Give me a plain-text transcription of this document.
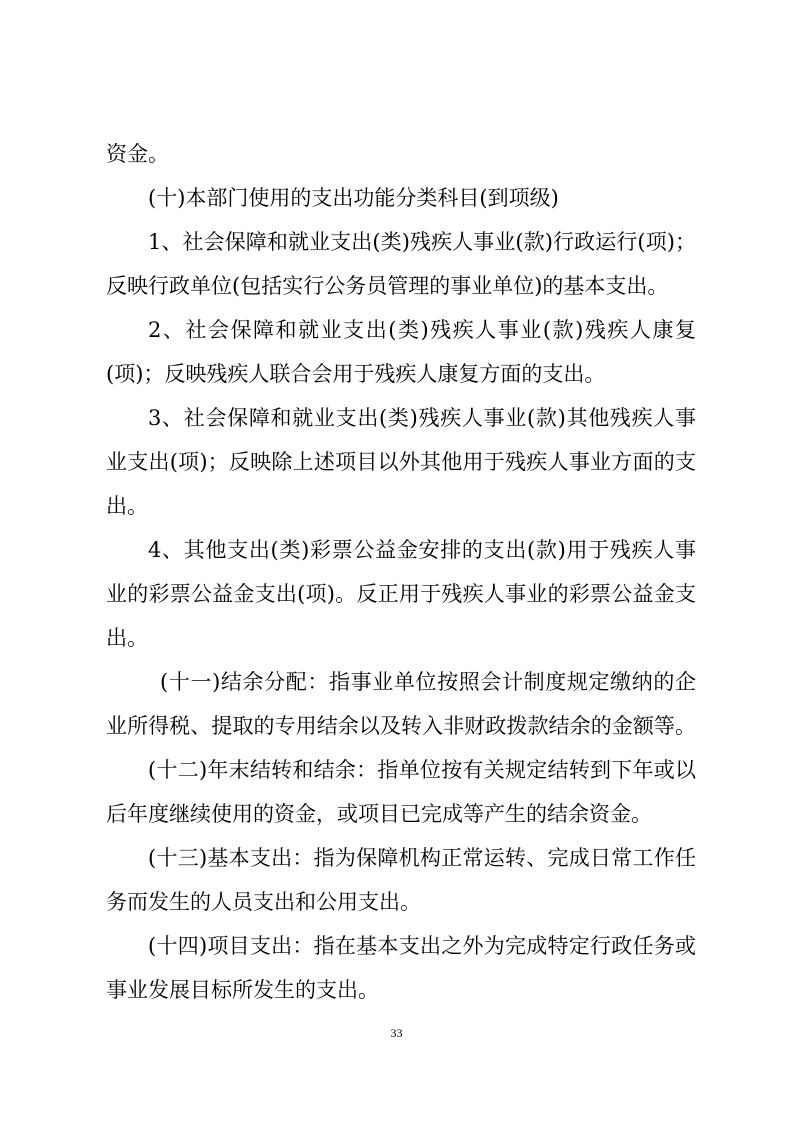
资金。
(十)本部门使用的支出功能分类科目(到项级)
1、社会保障和就业支出(类)残疾人事业(款)行政运行(项)；
反映行政单位(包括实行公务员管理的事业单位)的基本支出。
2、社会保障和就业支出(类)残疾人事业(款)残疾人康复
(项)；反映残疾人联合会用于残疾人康复方面的支出。
3、社会保障和就业支出(类)残疾人事业(款)其他残疾人事
业支出(项)；反映除上述项目以外其他用于残疾人事业方面的支
出。
4、其他支出(类)彩票公益金安排的支出(款)用于残疾人事
业的彩票公益金支出(项)。反正用于残疾人事业的彩票公益金支
出。
(十一)结余分配：指事业单位按照会计制度规定缴纳的企
业所得税、提取的专用结余以及转入非财政拨款结余的金额等。
(十二)年末结转和结余：指单位按有关规定结转到下年或以
后年度继续使用的资金，或项目已完成等产生的结余资金。
(十三)基本支出：指为保障机构正常运转、完成日常工作任
务而发生的人员支出和公用支出。
(十四)项目支出：指在基本支出之外为完成特定行政任务或
事业发展目标所发生的支出。
33
